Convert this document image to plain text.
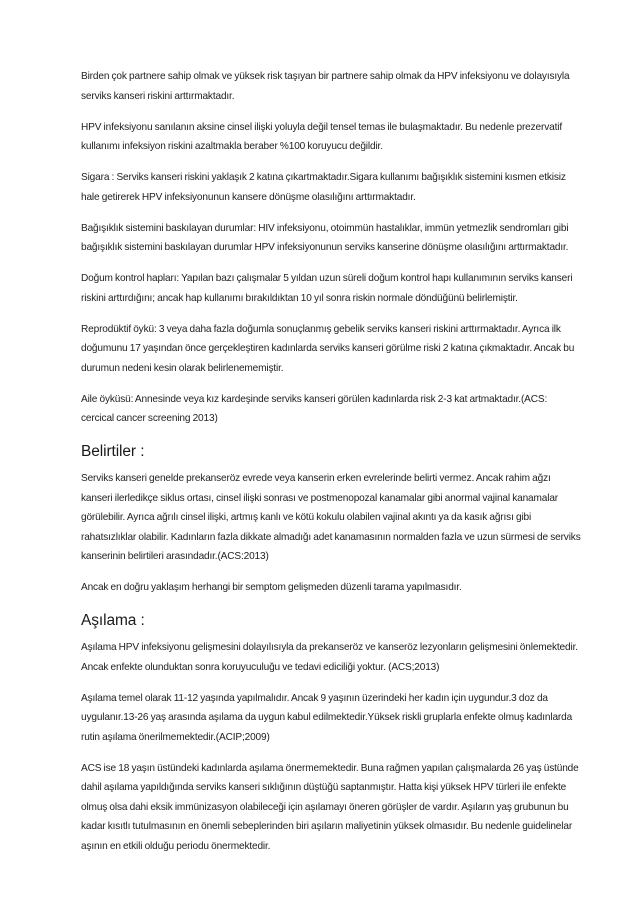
Birden çok partnere sahip olmak ve yüksek risk taşıyan bir partnere sahip olmak da HPV infeksiyonu ve dolayısıyla serviks kanseri riskini arttırmaktadır.

HPV infeksiyonu sanılanın aksine cinsel ilişki yoluyla değil tensel temas ile bulaşmaktadır. Bu nedenle prezervatif kullanımı infeksiyon riskini azaltmakla beraber %100 koruyucu değildir.

Sigara : Serviks kanseri riskini yaklaşık 2 katına çıkartmaktadır.Sigara kullanımı bağışıklık sistemini kısmen etkisiz hale getirerek HPV infeksiyonunun kansere dönüşme olasılığını arttırmaktadır.

Bağışıklık sistemini baskılayan durumlar: HIV infeksiyonu, otoimmün hastalıklar, immün yetmezlik sendromları gibi bağışıklık sistemini baskılayan durumlar HPV infeksiyonunun serviks kanserine dönüşme olasılığını arttırmaktadır.

Doğum kontrol hapları: Yapılan bazı çalışmalar 5 yıldan uzun süreli doğum kontrol hapı kullanımının serviks kanseri riskini arttırdığını; ancak hap kullanımı bırakıldıktan 10 yıl sonra riskin normale döndüğünü belirlemiştir.

Reprodüktif öykü: 3 veya daha fazla doğumla sonuçlanmış gebelik serviks kanseri riskini arttırmaktadır. Ayrıca ilk doğumunu 17 yaşından önce gerçekleştiren kadınlarda serviks kanseri görülme riski 2 katına çıkmaktadır. Ancak bu durumun nedeni kesin olarak belirlenememiştir.

Aile öyküsü: Annesinde veya kız kardeşinde serviks kanseri görülen kadınlarda risk 2-3 kat artmaktadır.(ACS: cercical cancer screening 2013)

Belirtiler :

Serviks kanseri genelde prekanseröz evrede veya kanserin erken evrelerinde belirti vermez. Ancak rahim ağzı kanseri ilerledikçe siklus ortası, cinsel ilişki sonrası ve postmenopozal kanamalar gibi anormal vajinal kanamalar görülebilir. Ayrıca ağrılı cinsel ilişki, artmış kanlı ve kötü kokulu olabilen vajinal akıntı ya da kasık ağrısı gibi rahatsızlıklar olabilir. Kadınların fazla dikkate almadığı adet kanamasının normalden fazla ve uzun sürmesi de serviks kanserinin belirtileri arasındadır.(ACS:2013)

Ancak en doğru yaklaşım herhangi bir semptom gelişmeden düzenli tarama yapılmasıdır.

Aşılama :

Aşılama HPV infeksiyonu gelişmesini dolayılısıyla da prekanseröz ve kanseröz lezyonların gelişmesini önlemektedir. Ancak enfekte olunduktan sonra koruyuculuğu ve tedavi ediciliği yoktur. (ACS;2013)

Aşılama temel olarak 11-12 yaşında yapılmalıdır. Ancak 9 yaşının üzerindeki her kadın için uygundur.3 doz da uygulanır.13-26 yaş arasında aşılama da uygun kabul edilmektedir.Yüksek riskli gruplarla enfekte olmuş kadınlarda rutin aşılama önerilmemektedir.(ACIP;2009)

ACS ise 18 yaşın üstündeki kadınlarda aşılama önermemektedir. Buna rağmen yapılan çalışmalarda 26 yaş üstünde dahil aşılama yapıldığında serviks kanseri sıklığının düştüğü saptanmıştır. Hatta kişi yüksek HPV türleri ile enfekte olmuş olsa dahi eksik immünizasyon olabileceği için aşılamayı öneren görüşler de vardır. Aşıların yaş grubunun bu kadar kısıtlı tutulmasının en önemli sebeplerinden biri aşıların maliyetinin yüksek olmasıdır. Bu nedenle guidelinelar aşının en etkili olduğu periodu önermektedir.
